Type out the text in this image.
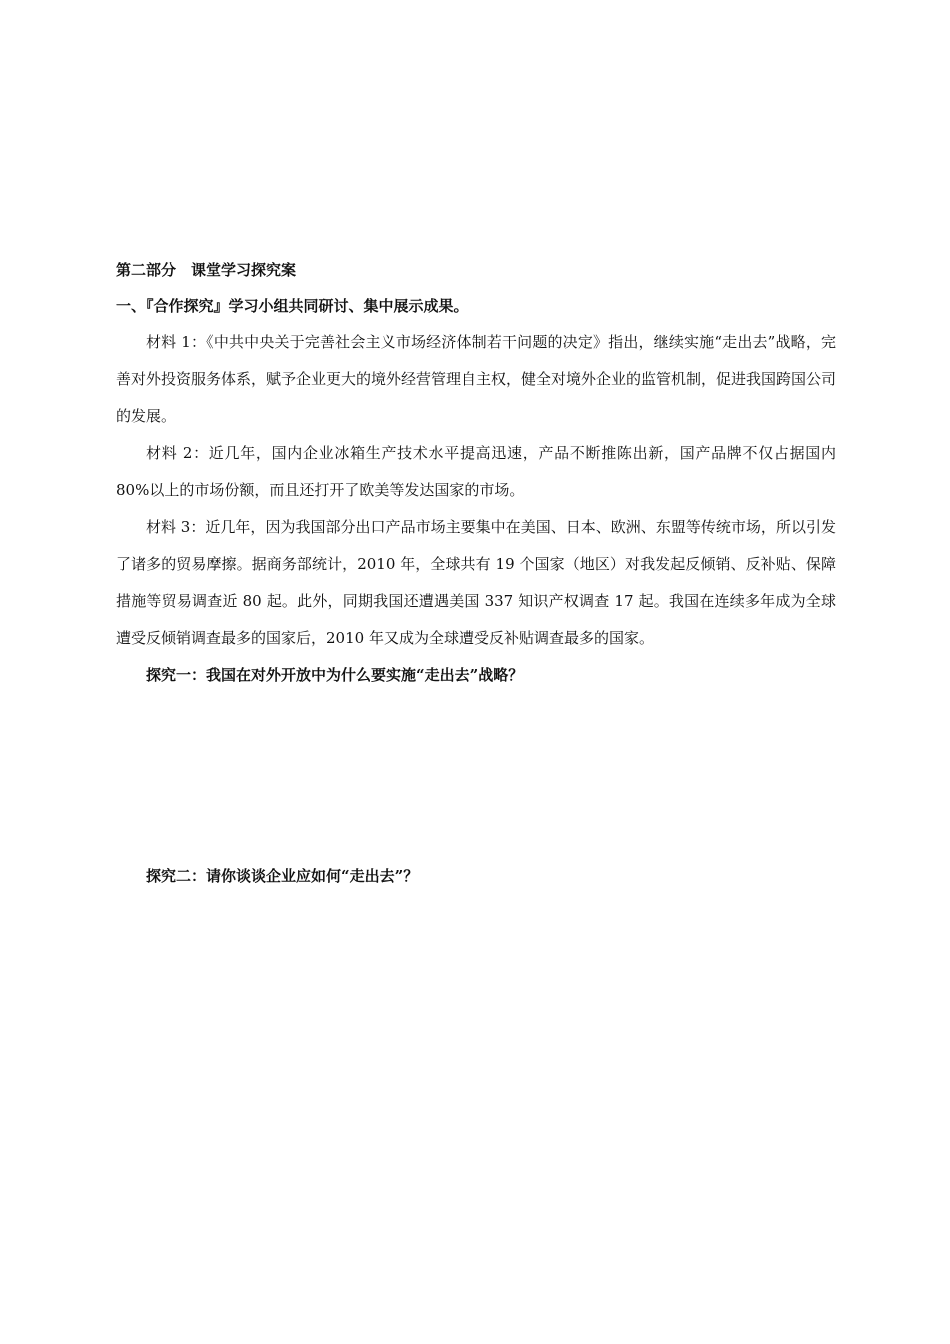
第二部分　课堂学习探究案
一、『合作探究』学习小组共同研讨、集中展示成果。

材料 1：《中共中央关于完善社会主义市场经济体制若干问题的决定》指出，继续实施“走出去”战略，完善对外投资服务体系，赋予企业更大的境外经营管理自主权，健全对境外企业的监管机制，促进我国跨国公司的发展。

材料 2：近几年，国内企业冰箱生产技术水平提高迅速，产品不断推陈出新，国产品牌不仅占据国内 80%以上的市场份额，而且还打开了欧美等发达国家的市场。

材料 3：近几年，因为我国部分出口产品市场主要集中在美国、日本、欧洲、东盟等传统市场，所以引发了诸多的贸易摩擦。据商务部统计，2010 年，全球共有 19 个国家（地区）对我发起反倾销、反补贴、保障措施等贸易调查近 80 起。此外，同期我国还遭遇美国 337 知识产权调查 17 起。我国在连续多年成为全球遭受反倾销调查最多的国家后，2010 年又成为全球遭受反补贴调查最多的国家。

探究一：我国在对外开放中为什么要实施“走出去”战略？

探究二：请你谈谈企业应如何“走出去”？
